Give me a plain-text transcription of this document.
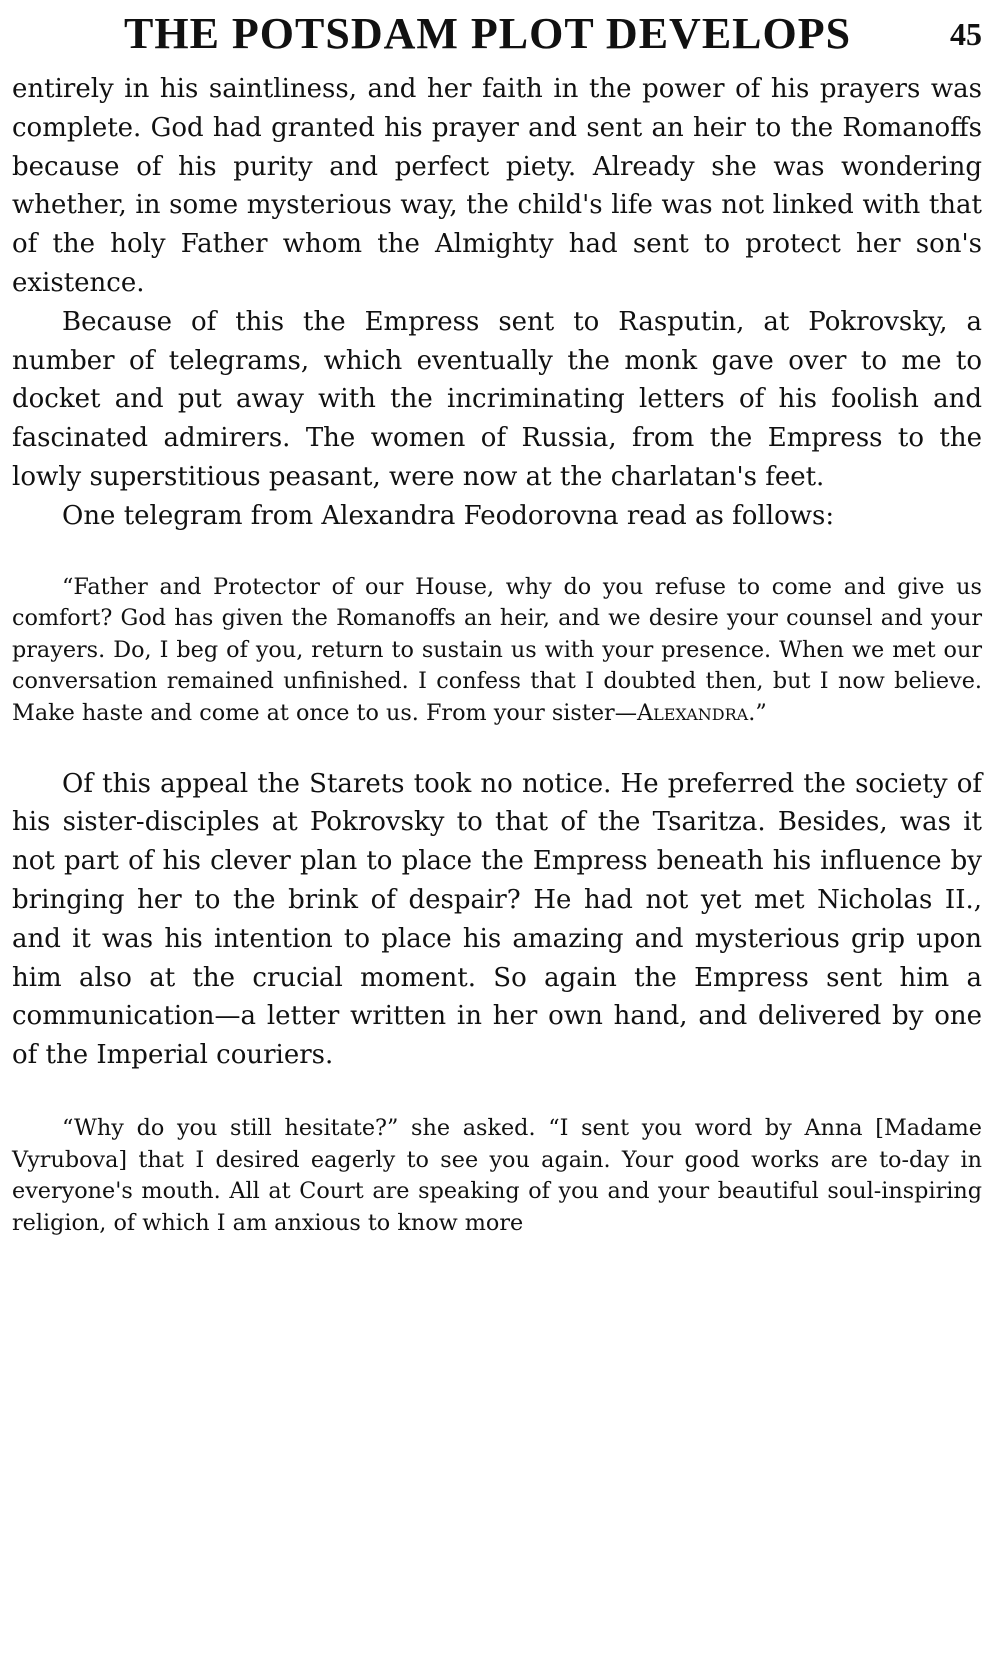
THE POTSDAM PLOT DEVELOPS	45

entirely in his saintliness, and her faith in the power of his prayers was complete. God had granted his prayer and sent an heir to the Romanoffs because of his purity and perfect piety. Already she was wondering whether, in some mysterious way, the child's life was not linked with that of the holy Father whom the Almighty had sent to protect her son's existence.

Because of this the Empress sent to Rasputin, at Pokrovsky, a number of telegrams, which eventually the monk gave over to me to docket and put away with the incriminating letters of his foolish and fascinated admirers. The women of Russia, from the Empress to the lowly superstitious peasant, were now at the charlatan's feet.

One telegram from Alexandra Feodorovna read as follows:

“Father and Protector of our House, why do you refuse to come and give us comfort? God has given the Romanoffs an heir, and we desire your counsel and your prayers. Do, I beg of you, return to sustain us with your presence. When we met our conversation remained unfinished. I confess that I doubted then, but I now believe. Make haste and come at once to us. From your sister—Alexandra.”

Of this appeal the Starets took no notice. He preferred the society of his sister-disciples at Pokrovsky to that of the Tsaritza. Besides, was it not part of his clever plan to place the Empress beneath his influence by bringing her to the brink of despair? He had not yet met Nicholas II., and it was his intention to place his amazing and mysterious grip upon him also at the crucial moment. So again the Empress sent him a communication—a letter written in her own hand, and delivered by one of the Imperial couriers.

“Why do you still hesitate?” she asked. “I sent you word by Anna [Madame Vyrubova] that I desired eagerly to see you again. Your good works are to-day in everyone's mouth. All at Court are speaking of you and your beautiful soul-inspiring religion, of which I am anxious to know more
